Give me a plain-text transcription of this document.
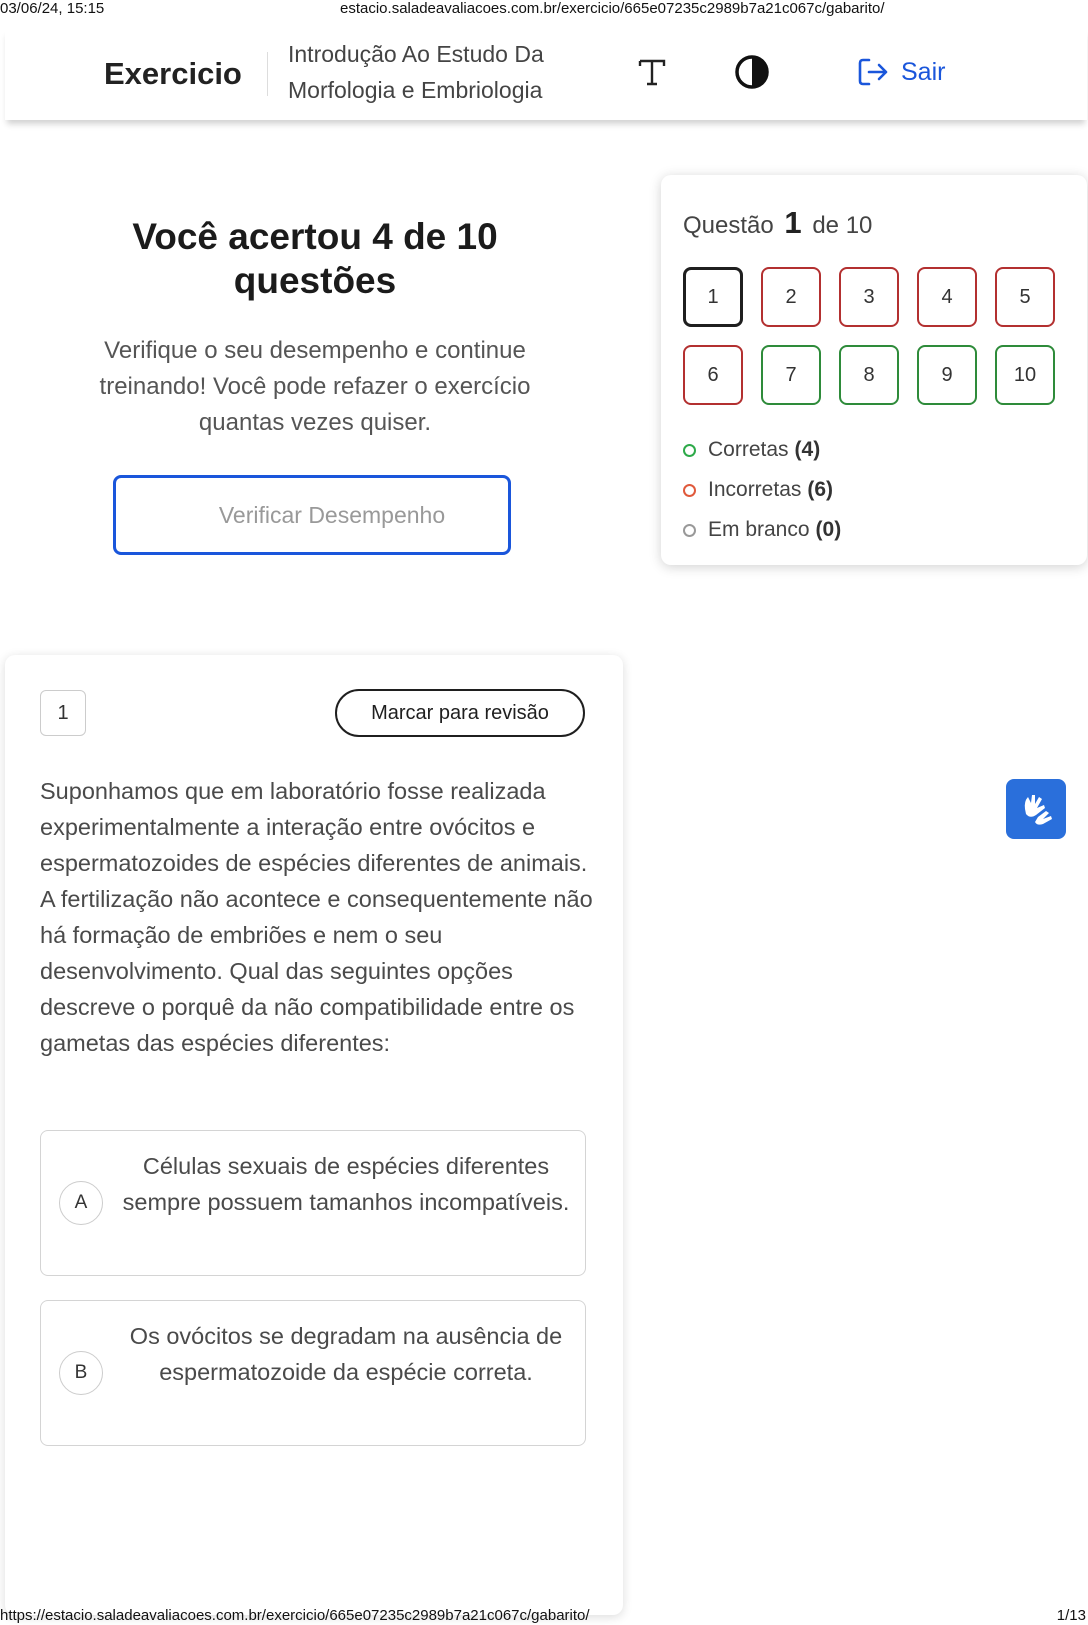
03/06/24, 15:15	estacio.saladeavaliacoes.com.br/exercicio/665e07235c2989b7a21c067c/gabarito/
Exercicio
Introdução Ao Estudo Da
Morfologia e Embriologia
Sair
Você acertou 4 de 10 questões

Verifique o seu desempenho e continue treinando! Você pode refazer o exercício quantas vezes quiser.

Verificar Desempenho
Questão 1 de 10
1	2	3	4	5
6	7	8	9	10
Corretas (4)
Incorretas (6)
Em branco (0)
1	Marcar para revisão
Suponhamos que em laboratório fosse realizada experimentalmente a interação entre ovócitos e espermatozoides de espécies diferentes de animais. A fertilização não acontece e consequentemente não há formação de embriões e nem o seu desenvolvimento. Qual das seguintes opções descreve o porquê da não compatibilidade entre os gametas das espécies diferentes:
A
Células sexuais de espécies diferentes sempre possuem tamanhos incompatíveis.
B
Os ovócitos se degradam na ausência de espermatozoide da espécie correta.
https://estacio.saladeavaliacoes.com.br/exercicio/665e07235c2989b7a21c067c/gabarito/	1/13
